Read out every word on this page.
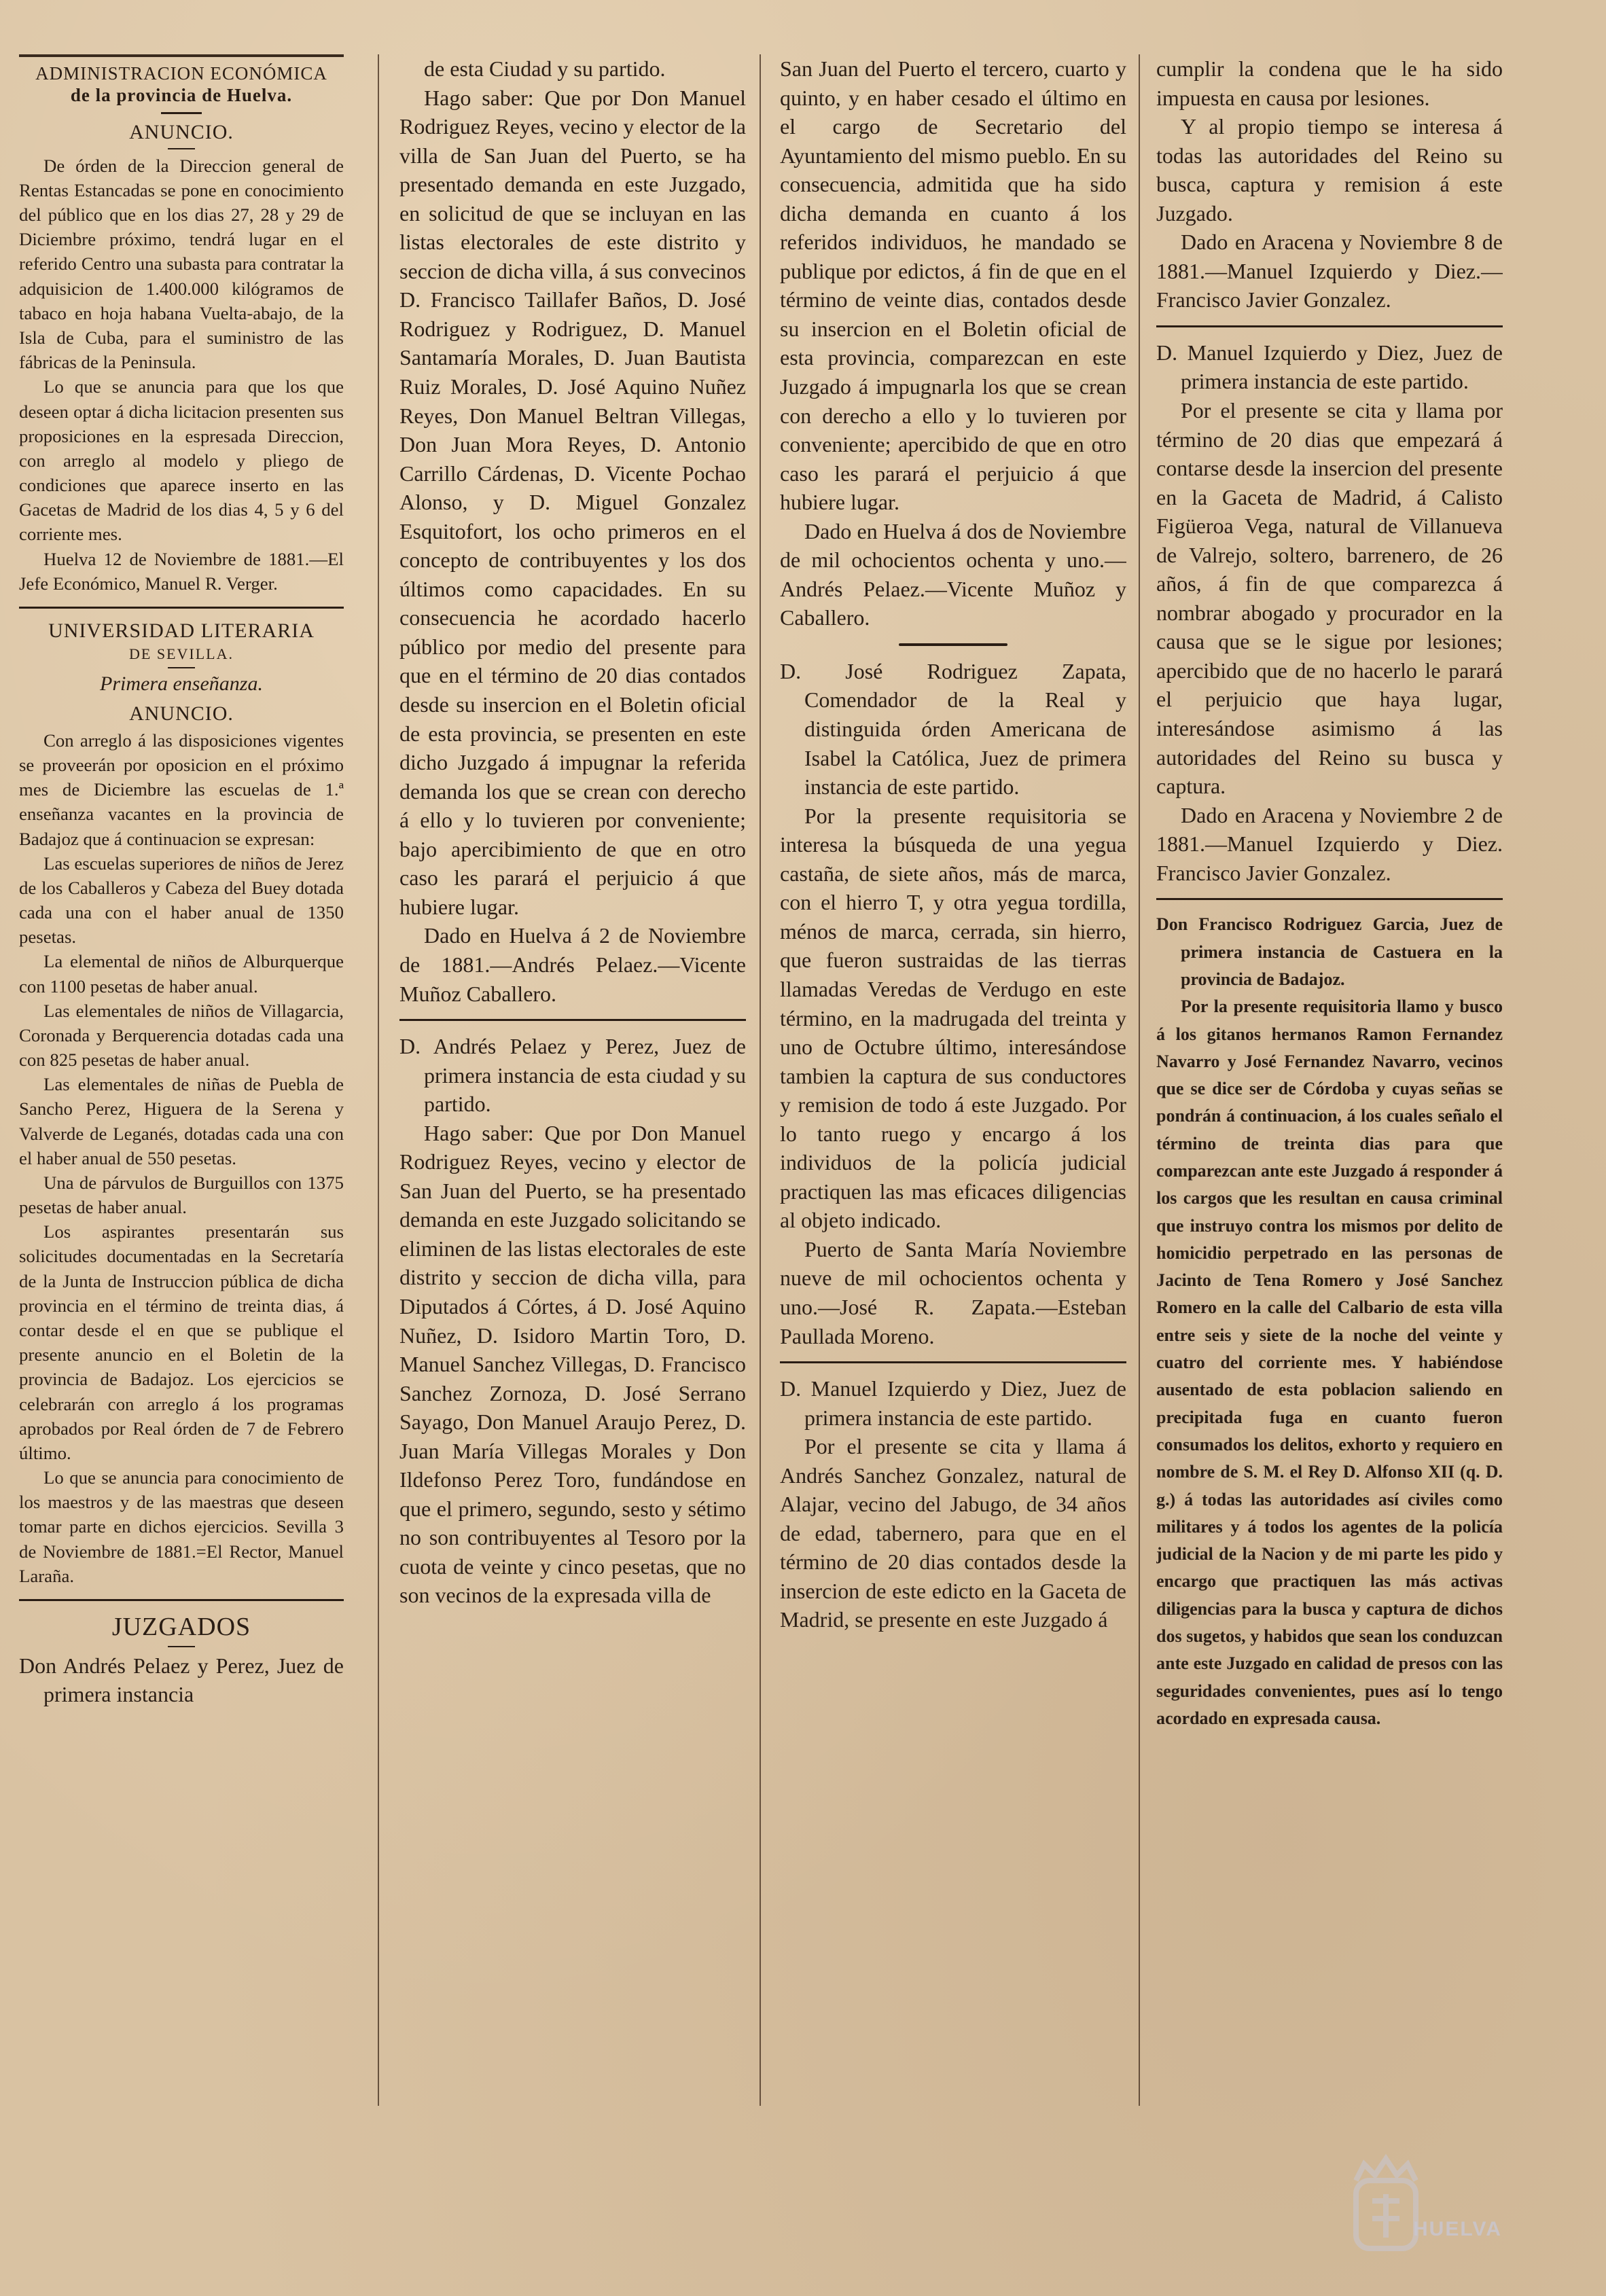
ADMINISTRACION ECONÓMICA
de la provincia de Huelva.
ANUNCIO.

De órden de la Direccion general de Rentas Estancadas se pone en conocimiento del público que en los dias 27, 28 y 29 de Diciembre próximo, tendrá lugar en el referido Centro una subasta para contratar la adquisicion de 1.400.000 kilógramos de tabaco en hoja habana Vuelta-abajo, de la Isla de Cuba, para el suministro de las fábricas de la Peninsula.

Lo que se anuncia para que los que deseen optar á dicha licitacion presenten sus proposiciones en la espresada Direccion, con arreglo al modelo y pliego de condiciones que aparece inserto en las Gacetas de Madrid de los dias 4, 5 y 6 del corriente mes.

Huelva 12 de Noviembre de 1881.—El Jefe Económico, Manuel R. Verger.

UNIVERSIDAD LITERARIA
DE SEVILLA.
Primera enseñanza.
ANUNCIO.

Con arreglo á las disposiciones vigentes se proveerán por oposicion en el próximo mes de Diciembre las escuelas de 1.ª enseñanza vacantes en la provincia de Badajoz que á continuacion se expresan:

Las escuelas superiores de niños de Jerez de los Caballeros y Cabeza del Buey dotada cada una con el haber anual de 1350 pesetas.

La elemental de niños de Alburquerque con 1100 pesetas de haber anual.

Las elementales de niños de Villagarcia, Coronada y Berquerencia dotadas cada una con 825 pesetas de haber anual.

Las elementales de niñas de Puebla de Sancho Perez, Higuera de la Serena y Valverde de Leganés, dotadas cada una con el haber anual de 550 pesetas.

Una de párvulos de Burguillos con 1375 pesetas de haber anual.

Los aspirantes presentarán sus solicitudes documentadas en la Secretaría de la Junta de Instruccion pública de dicha provincia en el término de treinta dias, á contar desde el en que se publique el presente anuncio en el Boletin de la provincia de Badajoz. Los ejercicios se celebrarán con arreglo á los programas aprobados por Real órden de 7 de Febrero último.

Lo que se anuncia para conocimiento de los maestros y de las maestras que deseen tomar parte en dichos ejercicios. Sevilla 3 de Noviembre de 1881.=El Rector, Manuel Laraña.

JUZGADOS

Don Andrés Pelaez y Perez, Juez de primera instancia

de esta Ciudad y su partido.

Hago saber: Que por Don Manuel Rodriguez Reyes, vecino y elector de la villa de San Juan del Puerto, se ha presentado demanda en este Juzgado, en solicitud de que se incluyan en las listas electorales de este distrito y seccion de dicha villa, á sus convecinos D. Francisco Taillafer Baños, D. José Rodriguez y Rodriguez, D. Manuel Santamaría Morales, D. Juan Bautista Ruiz Morales, D. José Aquino Nuñez Reyes, Don Manuel Beltran Villegas, Don Juan Mora Reyes, D. Antonio Carrillo Cárdenas, D. Vicente Pochao Alonso, y D. Miguel Gonzalez Esquitofort, los ocho primeros en el concepto de contribuyentes y los dos últimos como capacidades. En su consecuencia he acordado hacerlo público por medio del presente para que en el término de 20 dias contados desde su insercion en el Boletin oficial de esta provincia, se presenten en este dicho Juzgado á impugnar la referida demanda los que se crean con derecho á ello y lo tuvieren por conveniente; bajo apercibimiento de que en otro caso les parará el perjuicio á que hubiere lugar.

Dado en Huelva á 2 de Noviembre de 1881.—Andrés Pelaez.—Vicente Muñoz Caballero.

D. Andrés Pelaez y Perez, Juez de primera instancia de esta ciudad y su partido.

Hago saber: Que por Don Manuel Rodriguez Reyes, vecino y elector de San Juan del Puerto, se ha presentado demanda en este Juzgado solicitando se eliminen de las listas electorales de este distrito y seccion de dicha villa, para Diputados á Córtes, á D. José Aquino Nuñez, D. Isidoro Martin Toro, D. Manuel Sanchez Villegas, D. Francisco Sanchez Zornoza, D. José Serrano Sayago, Don Manuel Araujo Perez, D. Juan María Villegas Morales y Don Ildefonso Perez Toro, fundándose en que el primero, segundo, sesto y sétimo no son contribuyentes al Tesoro por la cuota de veinte y cinco pesetas, que no son vecinos de la expresada villa de

San Juan del Puerto el tercero, cuarto y quinto, y en haber cesado el último en el cargo de Secretario del Ayuntamiento del mismo pueblo. En su consecuencia, admitida que ha sido dicha demanda en cuanto á los referidos individuos, he mandado se publique por edictos, á fin de que en el término de veinte dias, contados desde su insercion en el Boletin oficial de esta provincia, comparezcan en este Juzgado á impugnarla los que se crean con derecho a ello y lo tuvieren por conveniente; apercibido de que en otro caso les parará el perjuicio á que hubiere lugar.

Dado en Huelva á dos de Noviembre de mil ochocientos ochenta y uno.—Andrés Pelaez.—Vicente Muñoz y Caballero.

D. José Rodriguez Zapata, Comendador de la Real y distinguida órden Americana de Isabel la Católica, Juez de primera instancia de este partido.

Por la presente requisitoria se interesa la búsqueda de una yegua castaña, de siete años, más de marca, con el hierro T, y otra yegua tordilla, ménos de marca, cerrada, sin hierro, que fueron sustraidas de las tierras llamadas Veredas de Verdugo en este término, en la madrugada del treinta y uno de Octubre último, interesándose tambien la captura de sus conductores y remision de todo á este Juzgado. Por lo tanto ruego y encargo á los individuos de la policía judicial practiquen las mas eficaces diligencias al objeto indicado.

Puerto de Santa María Noviembre nueve de mil ochocientos ochenta y uno.—José R. Zapata.—Esteban Paullada Moreno.

D. Manuel Izquierdo y Diez, Juez de primera instancia de este partido.

Por el presente se cita y llama á Andrés Sanchez Gonzalez, natural de Alajar, vecino del Jabugo, de 34 años de edad, tabernero, para que en el término de 20 dias contados desde la insercion de este edicto en la Gaceta de Madrid, se presente en este Juzgado á

cumplir la condena que le ha sido impuesta en causa por lesiones.

Y al propio tiempo se interesa á todas las autoridades del Reino su busca, captura y remision á este Juzgado.

Dado en Aracena y Noviembre 8 de 1881.—Manuel Izquierdo y Diez.—Francisco Javier Gonzalez.

D. Manuel Izquierdo y Diez, Juez de primera instancia de este partido.

Por el presente se cita y llama por término de 20 dias que empezará á contarse desde la insercion del presente en la Gaceta de Madrid, á Calisto Figüeroa Vega, natural de Villanueva de Valrejo, soltero, barrenero, de 26 años, á fin de que comparezca á nombrar abogado y procurador en la causa que se le sigue por lesiones; apercibido que de no hacerlo le parará el perjuicio que haya lugar, interesándose asimismo á las autoridades del Reino su busca y captura.

Dado en Aracena y Noviembre 2 de 1881.—Manuel Izquierdo y Diez. Francisco Javier Gonzalez.

Don Francisco Rodriguez Garcia, Juez de primera instancia de Castuera en la provincia de Badajoz.

Por la presente requisitoria llamo y busco á los gitanos hermanos Ramon Fernandez Navarro y José Fernandez Navarro, vecinos que se dice ser de Córdoba y cuyas señas se pondrán á continuacion, á los cuales señalo el término de treinta dias para que comparezcan ante este Juzgado á responder á los cargos que les resultan en causa criminal que instruyo contra los mismos por delito de homicidio perpetrado en las personas de Jacinto de Tena Romero y José Sanchez Romero en la calle del Calbario de esta villa entre seis y siete de la noche del veinte y cuatro del corriente mes. Y habiéndose ausentado de esta poblacion saliendo en precipitada fuga en cuanto fueron consumados los delitos, exhorto y requiero en nombre de S. M. el Rey D. Alfonso XII (q. D. g.) á todas las autoridades así civiles como militares y á todos los agentes de la policía judicial de la Nacion y de mi parte les pido y encargo que practiquen las más activas diligencias para la busca y captura de dichos dos sugetos, y habidos que sean los conduzcan ante este Juzgado en calidad de presos con las seguridades convenientes, pues así lo tengo acordado en expresada causa.

HUELVA
